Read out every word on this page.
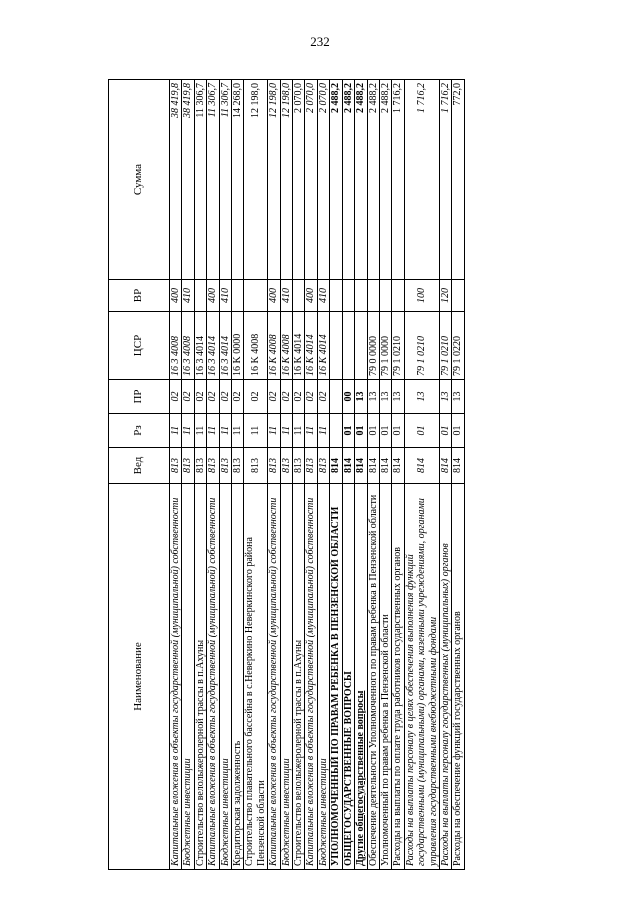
232
Наименование	Вед	Рз	ПР	ЦСР	ВР	Сумма
Капитальные вложения в объекты государственной (муниципальной) собственности	813	11	02	16 3 4008	400	38 419,8
Бюджетные инвестиции	813	11	02	16 3 4008	410	38 419,8
Строительство велолыжеролерной трассы в п.Ахуны	813	11	02	16 3 4014		11 306,7
Капитальные вложения в объекты государственной (муниципальной) собственности	813	11	02	16 3 4014	400	11 306,7
Бюджетные инвестиции	813	11	02	16 3 4014	410	11 306,7
Кредиторская задолженность	813	11	02	16 K 0000		14 268,0
Строительство плавательного бассейна в с.Неверкино Неверкинского района Пензенской области	813	11	02	16 K 4008		12 198,0
Капитальные вложения в объекты государственной (муниципальной) собственности	813	11	02	16 K 4008	400	12 198,0
Бюджетные инвестиции	813	11	02	16 K 4008	410	12 198,0
Строительство велолыжеролерной трассы в п.Ахуны	813	11	02	16 K 4014		2 070,0
Капитальные вложения в объекты государственной (муниципальной) собственности	813	11	02	16 K 4014	400	2 070,0
Бюджетные инвестиции	813	11	02	16 K 4014	410	2 070,0
УПОЛНОМОЧЕННЫЙ ПО ПРАВАМ РЕБЕНКА В ПЕНЗЕНСКОЙ ОБЛАСТИ	814					2 488,2
ОБЩЕГОСУДАРСТВЕННЫЕ ВОПРОСЫ	814	01	00			2 488,2
Другие общегосударственные вопросы	814	01	13			2 488,2
Обеспечение деятельности Уполномоченного по правам ребенка в Пензенской области	814	01	13	79 0 0000		2 488,2
Уполномоченный по правам ребенка в Пензенской области	814	01	13	79 1 0000		2 488,2
Расходы на выплаты по оплате труда работников государственных органов	814	01	13	79 1 0210		1 716,2
Расходы на выплаты персоналу в целях обеспечения выполнения функций государственными (муниципальными) органами, казенными учреждениями, органами управления государственными внебюджетными фондами	814	01	13	79 1 0210	100	1 716,2
Расходы на выплаты персоналу государственных (муниципальных) органов	814	01	13	79 1 0210	120	1 716,2
Расходы на обеспечение функций государственных органов	814	01	13	79 1 0220		772,0
